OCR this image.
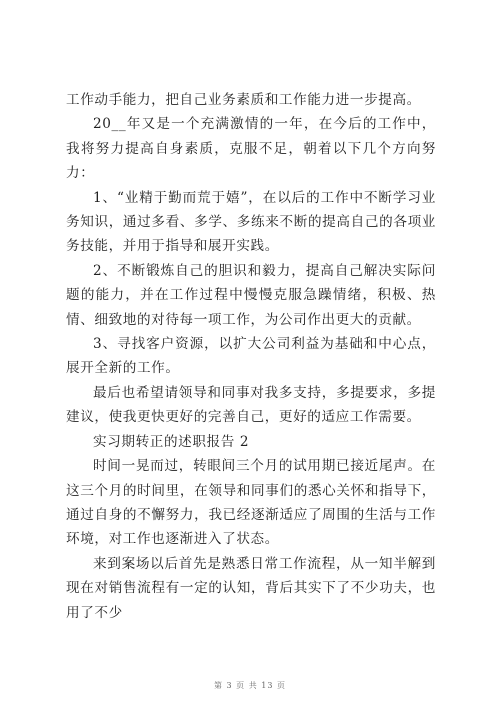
工作动手能力，把自己业务素质和工作能力进一步提高。

20__年又是一个充满激情的一年，在今后的工作中，我将努力提高自身素质，克服不足，朝着以下几个方向努力：

1、“业精于勤而荒于嬉”，在以后的工作中不断学习业务知识，通过多看、多学、多练来不断的提高自己的各项业务技能，并用于指导和展开实践。

2、不断锻炼自己的胆识和毅力，提高自己解决实际问题的能力，并在工作过程中慢慢克服急躁情绪，积极、热情、细致地的对待每一项工作，为公司作出更大的贡献。

3、寻找客户资源，以扩大公司利益为基础和中心点，展开全新的工作。

最后也希望请领导和同事对我多支持，多提要求，多提建议，使我更快更好的完善自己，更好的适应工作需要。

实习期转正的述职报告 2

时间一晃而过，转眼间三个月的试用期已接近尾声。在这三个月的时间里，在领导和同事们的悉心关怀和指导下，通过自身的不懈努力，我已经逐渐适应了周围的生活与工作环境，对工作也逐渐进入了状态。

来到案场以后首先是熟悉日常工作流程，从一知半解到现在对销售流程有一定的认知，背后其实下了不少功夫，也用了不少

第 3 页 共 13 页
